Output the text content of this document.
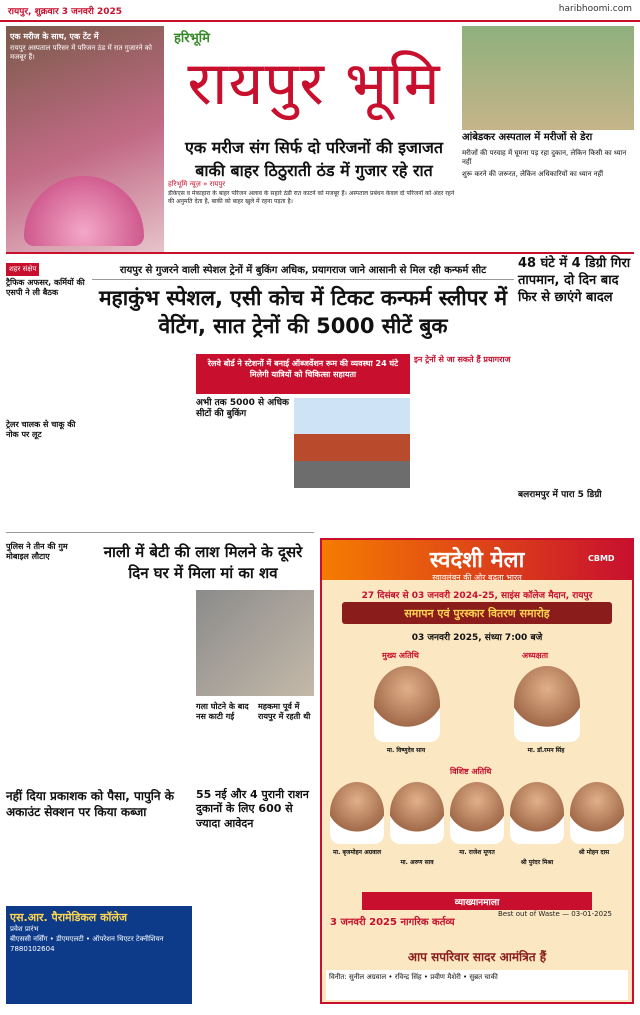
रायपुर, शुक्रवार 3 जनवरी 2025	haribhoomi.com
एक मरीज के साथ, एक टेंट में
रायपुर अस्पताल परिसर में परिजन ठंड में रात गुजारने को मजबूर हैं।
हरिभूमि
रायपुर भूमि
एक मरीज संग सिर्फ दो परिजनों की इजाजत बाकी बाहर ठिठुराती ठंड में गुजार रहे रात
हरिभूमि न्यूज़ » रायपुर
डीकेएस व मेकाहारा के बाहर परिजन अलाव के सहारे ठंडी रात काटने को मजबूर हैं। अस्पताल प्रबंधन केवल दो परिजनों को अंदर रहने की अनुमति देता है, बाकी को बाहर खुले में रहना पड़ता है।
आंबेडकर अस्पताल में मरीजों से डेरा
मरीजों की परवाह में घूमना पड़ रहा दुकान, लेकिन किसी का ध्यान नहीं
शुरू करने की जरूरत, लेकिन अधिकारियों का ध्यान नहीं
शहर संक्षेप
ट्रैफिक अफसर, कर्मियों की एसपी ने ली बैठक
ट्रेलर चालक से चाकू की नोक पर लूट
पुलिस ने तीन की गुम मोबाइल लौटाए
रायपुर से गुजरने वाली स्पेशल ट्रेनों में बुकिंग अधिक, प्रयागराज जाने आसानी से मिल रही कन्फर्म सीट
महाकुंभ स्पेशल, एसी कोच में टिकट कन्फर्म स्लीपर में वेटिंग, सात ट्रेनों की 5000 सीटें बुक
रेलवे बोर्ड ने स्टेशनों में बनाई ऑब्जर्वेशन रूम की व्यवस्था 24 घंटे मिलेगी यात्रियों को चिकित्सा सहायता
अभी तक 5000 से अधिक सीटों की बुकिंग
इन ट्रेनों से जा सकते हैं प्रयागराज
48 घंटे में 4 डिग्री गिरा तापमान, दो दिन बाद फिर से छाएंगे बादल
बलरामपुर में पारा 5 डिग्री
नाली में बेटी की लाश मिलने के दूसरे दिन घर में मिला मां का शव
गला घोटने के बाद नस काटी गई
महकमा पूर्व में रायपुर में रहती थी
नहीं दिया प्रकाशक को पैसा, पापुनि के अकाउंट सेक्शन पर किया कब्जा
55 नई और 4 पुरानी राशन दुकानों के लिए 600 से ज्यादा आवेदन
एस.आर. पैरामेडिकल कॉलेज
प्रवेश प्रारंभ
बीएससी नर्सिंग • डीएमएलटी • ऑपरेशन थिएटर टेक्नीशियन
7880102604
स्वदेशी मेला
स्वावलंबन की ओर बढ़ता भारत
CBMD
27 दिसंबर से 03 जनवरी 2024-25, साइंस कॉलेज मैदान, रायपुर
समापन एवं पुरस्कार वितरण समारोह
03 जनवरी 2025, संध्या 7:00 बजे
मुख्य अतिथि	अध्यक्षता
मा. विष्णुदेव साय	मा. डॉ.रमन सिंह
विशिष्ट अतिथि
मा. बृजमोहन अग्रवाल
मा. अरुण साव
मा. राजेश मूणत
श्री पुरंदर मिश्रा
श्री मोहन दास
व्याख्यानमाला
3 जनवरी 2025 नागरिक कर्तव्य
Best out of Waste — 03-01-2025
आप सपरिवार सादर आमंत्रित हैं
विनीत: सुनील अग्रवाल • रविन्द्र सिंह • प्रवीण मैशेरी • सुब्रत चाकी
